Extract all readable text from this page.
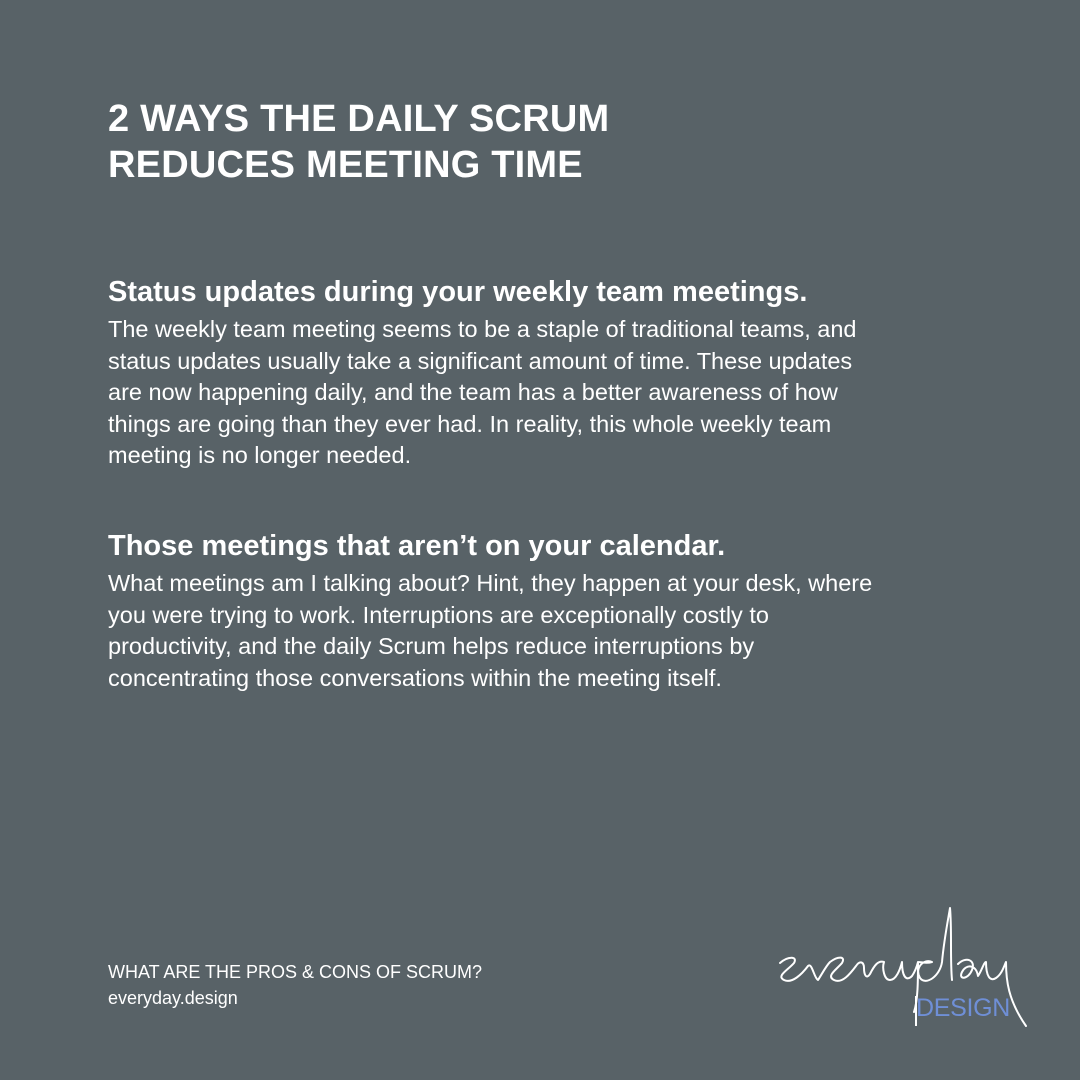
2 WAYS THE DAILY SCRUM
REDUCES MEETING TIME
Status updates during your weekly team meetings.

The weekly team meeting seems to be a staple of traditional teams, and
status updates usually take a significant amount of time. These updates
are now happening daily, and the team has a better awareness of how
things are going than they ever had. In reality, this whole weekly team
meeting is no longer needed.

Those meetings that aren’t on your calendar.

What meetings am I talking about? Hint, they happen at your desk, where
you were trying to work. Interruptions are exceptionally costly to
productivity, and the daily Scrum helps reduce interruptions by
concentrating those conversations within the meeting itself.

WHAT ARE THE PROS & CONS OF SCRUM?
everyday.design	DESIGN
